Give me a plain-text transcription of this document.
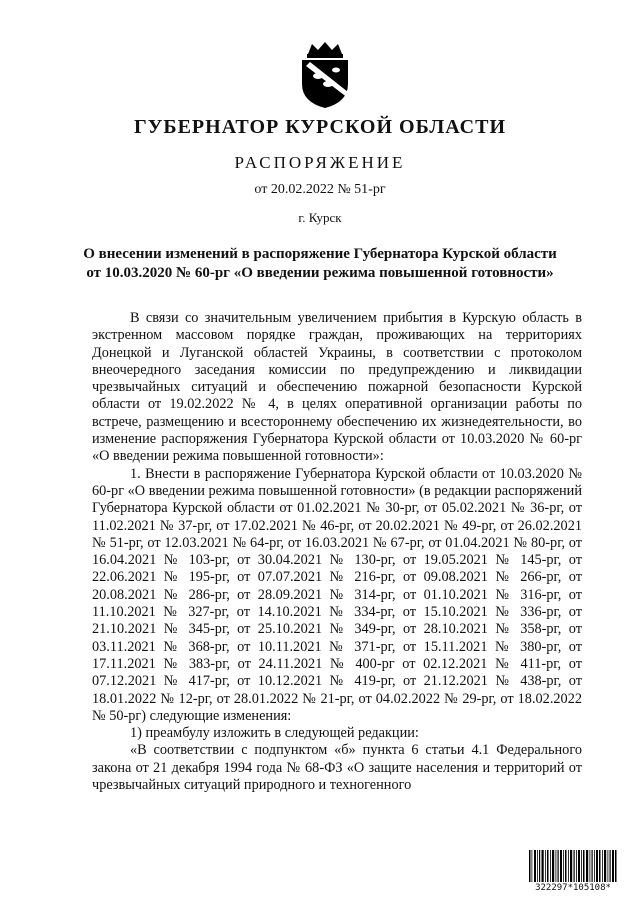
ГУБЕРНАТОР КУРСКОЙ ОБЛАСТИ
РАСПОРЯЖЕНИЕ
от 20.02.2022 № 51-рг
г. Курск
О внесении изменений в распоряжение Губернатора Курской области
от 10.03.2020 № 60-рг «О введении режима повышенной готовности»

В связи со значительным увеличением прибытия в Курскую область в экстренном массовом порядке граждан, проживающих на территориях Донецкой и Луганской областей Украины, в соответствии с протоколом внеочередного заседания комиссии по предупреждению и ликвидации чрезвычайных ситуаций и обеспечению пожарной безопасности Курской области от 19.02.2022 № 4, в целях оперативной организации работы по встрече, размещению и всестороннему обеспечению их жизнедеятельности, во изменение распоряжения Губернатора Курской области от 10.03.2020 № 60-рг «О введении режима повышенной готовности»:

1. Внести в распоряжение Губернатора Курской области от 10.03.2020 № 60-рг «О введении режима повышенной готовности» (в редакции распоряжений Губернатора Курской области от 01.02.2021 № 30-рг, от 05.02.2021 № 36-рг, от 11.02.2021 № 37-рг, от 17.02.2021 № 46-рг, от 20.02.2021 № 49-рг, от 26.02.2021 № 51-рг, от 12.03.2021 № 64-рг, от 16.03.2021 № 67-рг, от 01.04.2021 № 80-рг, от 16.04.2021 № 103-рг, от 30.04.2021 № 130-рг, от 19.05.2021 № 145-рг, от 22.06.2021 № 195-рг, от 07.07.2021 № 216-рг, от 09.08.2021 № 266-рг, от 20.08.2021 № 286-рг, от 28.09.2021 № 314-рг, от 01.10.2021 № 316-рг, от 11.10.2021 № 327-рг, от 14.10.2021 № 334-рг, от 15.10.2021 № 336-рг, от 21.10.2021 № 345-рг, от 25.10.2021 № 349-рг, от 28.10.2021 № 358-рг, от 03.11.2021 № 368-рг, от 10.11.2021 № 371-рг, от 15.11.2021 № 380-рг, от 17.11.2021 № 383-рг, от 24.11.2021 № 400-рг от 02.12.2021 № 411-рг, от 07.12.2021 № 417-рг, от 10.12.2021 № 419-рг, от 21.12.2021 № 438-рг, от 18.01.2022 № 12-рг, от 28.01.2022 № 21-рг, от 04.02.2022 № 29-рг, от 18.02.2022 № 50-рг) следующие изменения:

1) преамбулу изложить в следующей редакции:

«В соответствии с подпунктом «б» пункта 6 статьи 4.1 Федерального закона от 21 декабря 1994 года № 68-ФЗ «О защите населения и территорий от чрезвычайных ситуаций природного и техногенного

322297*105108*
